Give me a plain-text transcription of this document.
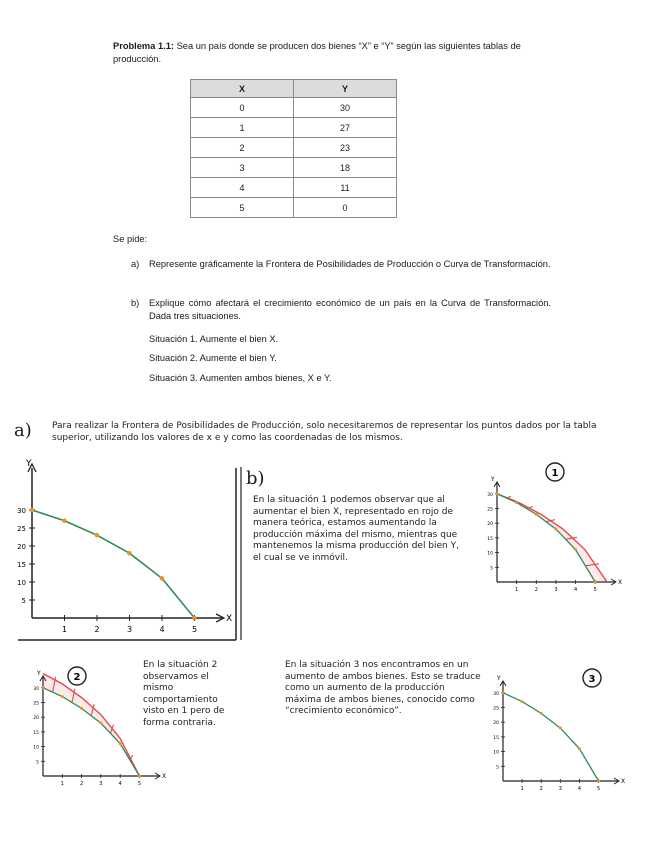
Problema 1.1: Sea un país donde se producen dos bienes “X” e “Y” según las siguientes tablas de producción.
X	Y
0	30
1	27
2	23
3	18
4	11
5	0
Se pide:
a) Represente gráficamente la Frontera de Posibilidades de Producción o Curva de Transformación.
b) Explique cómo afectará el crecimiento económico de un país en la Curva de Transformación. Dada tres situaciones.
Situación 1. Aumente el bien X.
Situación 2. Aumente el bien Y.
Situación 3. Aumenten ambos bienes, X e Y.
a) Para realizar la Frontera de Posibilidades de Producción, solo necesitaremos de representar los puntos dados por la tabla superior, utilizando los valores de x e y como las coordenadas de los mismos.
Y
X
30
25
20
15
10
5
1	2	3	4	5
b)
En la situación 1 podemos observar que al aumentar el bien X, representado en rojo de manera teórica, estamos aumentando la producción máxima del mismo, mientras que mantenemos la misma producción del bien Y, el cual se ve inmóvil.
En la situación 2 observamos el mismo comportamiento visto en 1 pero de forma contraria.
En la situación 3 nos encontramos en un aumento de ambos bienes. Esto se traduce como un aumento de la producción máxima de ambos bienes, conocido como “crecimiento económico”.
Y
X
30
25
20
15
10
5
1	2	3	4	5
Y
X
30
25
20
15
10
5
1	2	3	4	5
Y
X
30
25
20
15
10
5
1	2	3	4	5
1
2	3
